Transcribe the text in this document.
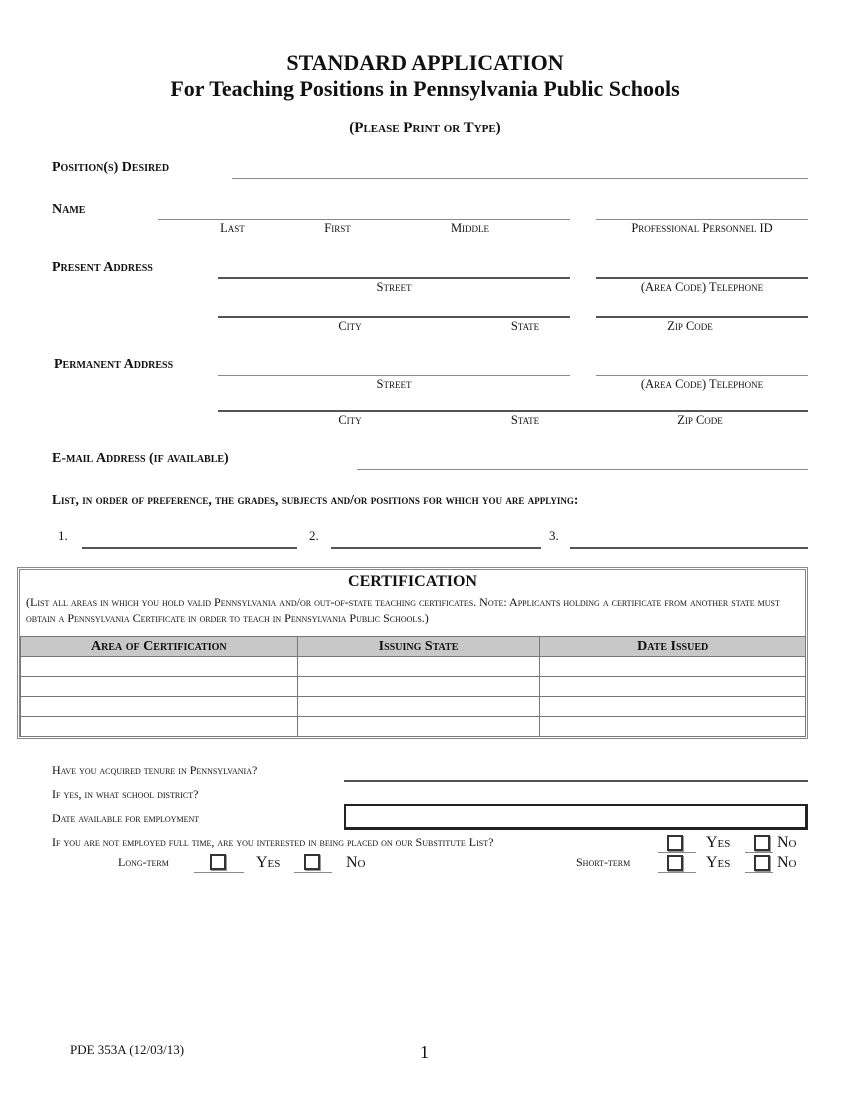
STANDARD APPLICATION
For Teaching Positions in Pennsylvania Public Schools
(Please Print or Type)
Position(s) Desired
Name
Last	First	Middle	Professional Personnel ID
Present Address
Street	(Area Code) Telephone
City	State	Zip Code
Permanent Address
Street	(Area Code) Telephone
City	State	Zip Code
E-mail Address (if available)
List, in order of preference, the grades, subjects and/or positions for which you are applying:
1.	2.	3.
CERTIFICATION
(List all areas in which you hold valid Pennsylvania and/or out-of-state teaching certificates. Note: Applicants holding a certificate from another state must obtain a Pennsylvania Certificate in order to teach in Pennsylvania Public Schools.)
Area of Certification	Issuing State	Date Issued

Have you acquired tenure in Pennsylvania?
If yes, in what school district?
Date available for employment
If you are not employed full time, are you interested in being placed on our Substitute List?	Yes	No
Long-term	Yes	No	Short-term	Yes	No
PDE 353A (12/03/13)	1
